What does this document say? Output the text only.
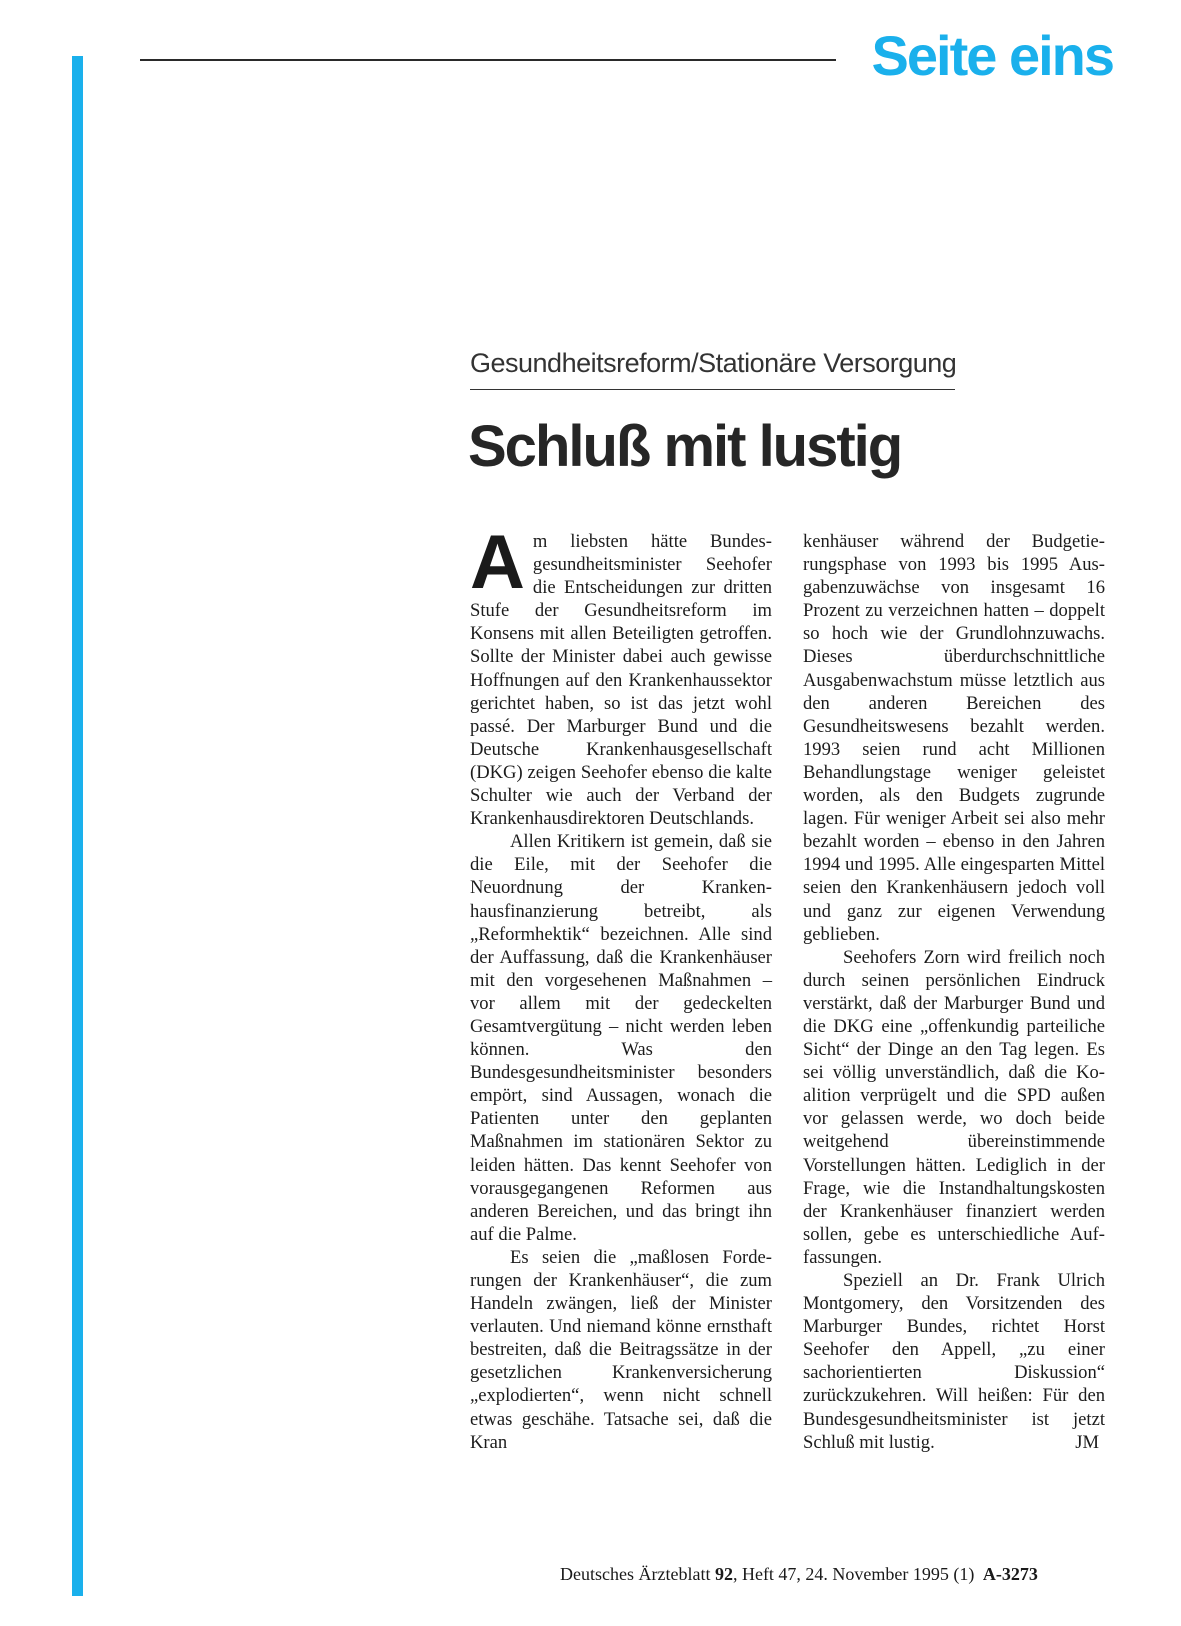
Seite eins
Gesundheitsreform/Stationäre Versorgung
Schluß mit lustig

Am liebsten hätte Bundesgesundheitsminister Seehofer die Entscheidungen zur dritten Stufe der Gesundheitsreform im Konsens mit allen Beteiligten getroffen. Sollte der Minister dabei auch gewisse Hoffnungen auf den Krankenhaussektor gerichtet haben, so ist das jetzt wohl passé. Der Marburger Bund und die Deutsche Krankenhausgesellschaft (DKG) zeigen Seehofer ebenso die kalte Schulter wie auch der Verband der Krankenhausdirektoren Deutschlands.

Allen Kritikern ist gemein, daß sie die Eile, mit der Seehofer die Neuordnung der Krankenhausfinanzierung betreibt, als „Reformhektik“ bezeichnen. Alle sind der Auffassung, daß die Krankenhäuser mit den vorgesehenen Maßnahmen – vor allem mit der gedeckelten Gesamtvergütung – nicht werden leben können. Was den Bundesgesundheitsminister besonders empört, sind Aussagen, wonach die Patienten unter den geplanten Maßnahmen im stationären Sektor zu leiden hätten. Das kennt Seehofer von vorausgegangenen Reformen aus anderen Bereichen, und das bringt ihn auf die Palme.

Es seien die „maßlosen Forderungen der Krankenhäuser“, die zum Handeln zwängen, ließ der Minister verlauten. Und niemand könne ernsthaft bestreiten, daß die Beitragssätze in der gesetzlichen Krankenversicherung „explodierten“, wenn nicht schnell etwas geschähe. Tatsache sei, daß die Kran

kenhäuser während der Budgetierungsphase von 1993 bis 1995 Ausgabenzuwächse von insgesamt 16 Prozent zu verzeichnen hatten – doppelt so hoch wie der Grundlohnzuwachs. Dieses überdurchschnittliche Ausgabenwachstum müsse letztlich aus den anderen Bereichen des Gesundheitswesens bezahlt werden. 1993 seien rund acht Millionen Behandlungstage weniger geleistet worden, als den Budgets zugrunde lagen. Für weniger Arbeit sei also mehr bezahlt worden – ebenso in den Jahren 1994 und 1995. Alle eingesparten Mittel seien den Krankenhäusern jedoch voll und ganz zur eigenen Verwendung geblieben.

Seehofers Zorn wird freilich noch durch seinen persönlichen Eindruck verstärkt, daß der Marburger Bund und die DKG eine „offenkundig parteiliche Sicht“ der Dinge an den Tag legen. Es sei völlig unverständlich, daß die Koalition verprügelt und die SPD außen vor gelassen werde, wo doch beide weitgehend übereinstimmende Vorstellungen hätten. Lediglich in der Frage, wie die Instandhaltungskosten der Krankenhäuser finanziert werden sollen, gebe es unterschiedliche Auffassungen.

Speziell an Dr. Frank Ulrich Montgomery, den Vorsitzenden des Marburger Bundes, richtet Horst Seehofer den Appell, „zu einer sachorientierten Diskussion“ zurückzukehren. Will heißen: Für den Bundesgesundheitsminister ist jetzt Schluß mit lustig.	JM

Deutsches Ärzteblatt 92, Heft 47, 24. November 1995 (1) A-3273
